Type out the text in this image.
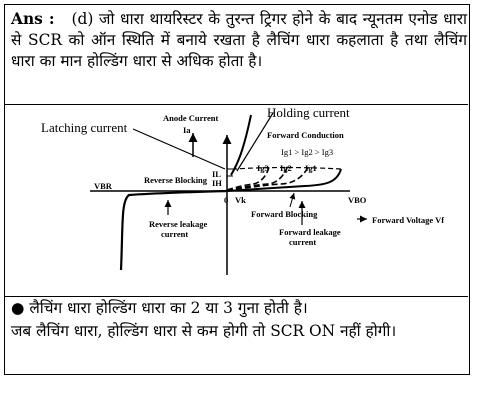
Ans : (d) जो धारा थायरिस्टर के तुरन्त ट्रिगर होने के बाद न्यूनतम एनोड धारा से SCR को ऑन स्थिति में बनाये रखता है लैचिंग धारा कहलाता है तथा लैचिंग धारा का मान होल्डिंग धारा से अधिक होता है।
Latching current
Holding current
Anode Current
Ia	Forward Conduction
Ig1 > Ig2 > Ig3
IL
IH
Ig3 Ig2 Ig1
VBR
VBO
Reverse Blocking
0 Vk
Forward Blocking
Forward Voltage Vf
Reverse leakage
current	Forward leakage
current
● लैचिंग धारा होल्डिंग धारा का 2 या 3 गुना होती है।
जब लैचिंग धारा, होल्डिंग धारा से कम होगी तो SCR ON नहीं होगी।
